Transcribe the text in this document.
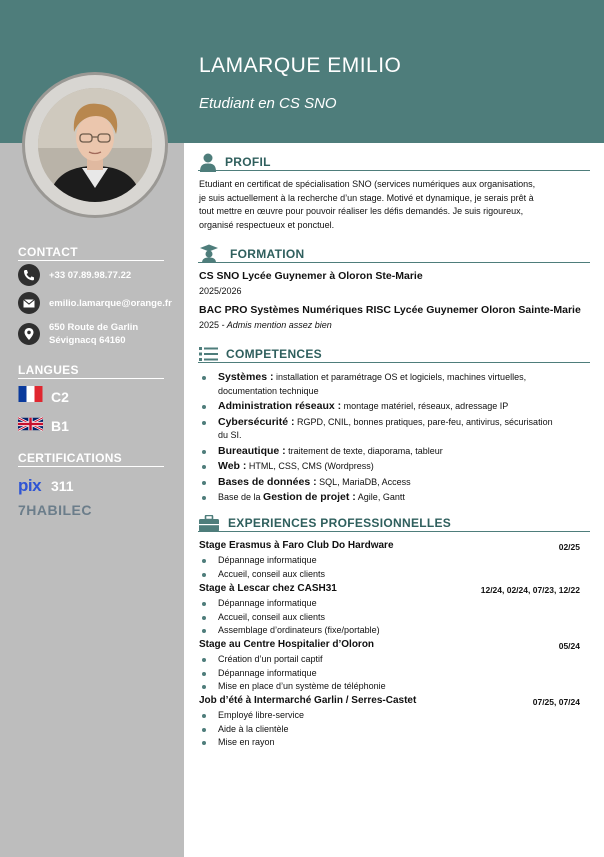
LAMARQUE EMILIO
Etudiant en CS SNO
CONTACT
+33 07.89.98.77.22
emilio.lamarque@orange.fr
650 Route de Garlin
Sévignacq 64160
LANGUES
C2
B1
CERTIFICATIONS
pix 311
7HABILEC
PROFIL
Etudiant en certificat de spécialisation SNO (services numériques aux organisations,
je suis actuellement à la recherche d’un stage. Motivé et dynamique, je serais prêt à
tout mettre en œuvre pour pouvoir réaliser les défis demandés. Je suis rigoureux,
organisé respectueux et ponctuel.
FORMATION
CS SNO Lycée Guynemer à Oloron Ste-Marie
2025/2026
BAC PRO Systèmes Numériques RISC Lycée Guynemer Oloron Sainte-Marie
2025 - Admis mention assez bien
COMPETENCES
Systèmes : installation et paramétrage OS et logiciels, machines virtuelles,
documentation technique
Administration réseaux : montage matériel, réseaux, adressage IP
Cybersécurité : RGPD, CNIL, bonnes pratiques, pare-feu, antivirus, sécurisation
du SI.
Bureautique : traitement de texte, diaporama, tableur
Web : HTML, CSS, CMS (Wordpress)
Bases de données : SQL, MariaDB, Access
Base de la Gestion de projet : Agile, Gantt
EXPERIENCES PROFESSIONNELLES
Stage Erasmus à Faro Club Do Hardware	02/25
Dépannage informatique
Accueil, conseil aux clients
Stage à Lescar chez CASH31	12/24, 02/24, 07/23, 12/22
Dépannage informatique
Accueil, conseil aux clients
Assemblage d’ordinateurs (fixe/portable)
Stage au Centre Hospitalier d’Oloron	05/24
Création d’un portail captif
Dépannage informatique
Mise en place d’un système de téléphonie
Job d’été à Intermarché Garlin / Serres-Castet	07/25, 07/24
Employé libre-service
Aide à la clientèle
Mise en rayon
